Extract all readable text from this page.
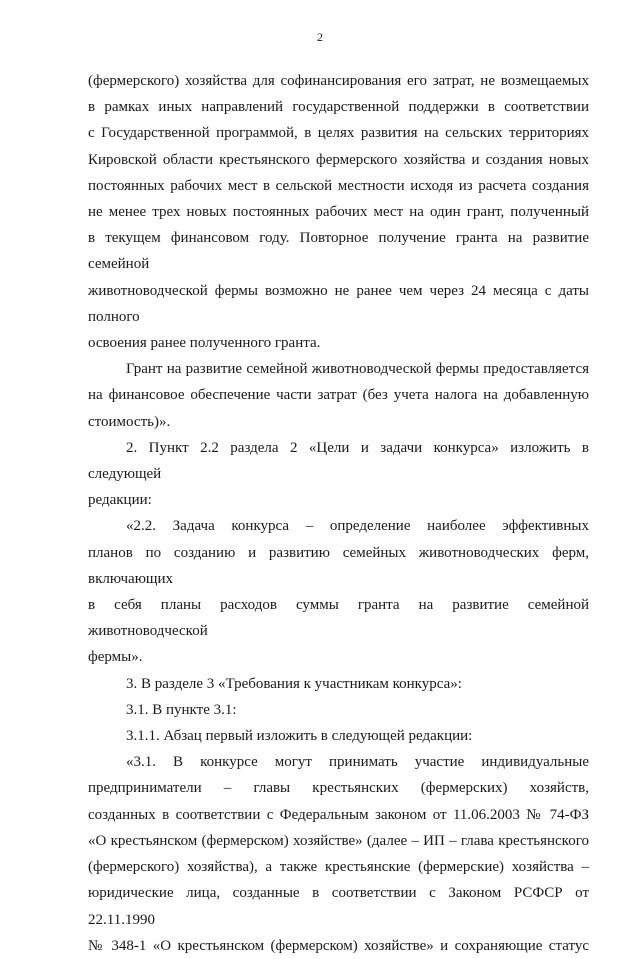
2

(фермерского) хозяйства для софинансирования его затрат, не возмещаемых

в рамках иных направлений государственной поддержки в соответствии

с Государственной программой, в целях развития на сельских территориях

Кировской области крестьянского фермерского хозяйства и создания новых

постоянных рабочих мест в сельской местности исходя из расчета создания

не менее трех новых постоянных рабочих мест на один грант, полученный

в текущем финансовом году. Повторное получение гранта на развитие семейной

животноводческой фермы возможно не ранее чем через 24 месяца с даты полного

освоения ранее полученного гранта.

Грант на развитие семейной животноводческой фермы предоставляется

на финансовое обеспечение части затрат (без учета налога на добавленную

стоимость)».

2. Пункт 2.2 раздела 2 «Цели и задачи конкурса» изложить в следующей

редакции:

«2.2. Задача конкурса – определение наиболее эффективных

планов по созданию и развитию семейных животноводческих ферм, включающих

в себя планы расходов суммы гранта на развитие семейной животноводческой

фермы».

3. В разделе 3 «Требования к участникам конкурса»:

3.1. В пункте 3.1:

3.1.1. Абзац первый изложить в следующей редакции:

«3.1. В конкурсе могут принимать участие индивидуальные

предприниматели – главы крестьянских (фермерских) хозяйств,

созданных в соответствии с Федеральным законом от 11.06.2003 № 74-ФЗ

«О крестьянском (фермерском) хозяйстве» (далее – ИП – глава крестьянского

(фермерского) хозяйства), а также крестьянские (фермерские) хозяйства –

юридические лица, созданные в соответствии с Законом РСФСР от 22.11.1990

№ 348-1 «О крестьянском (фермерском) хозяйстве» и сохраняющие статус
